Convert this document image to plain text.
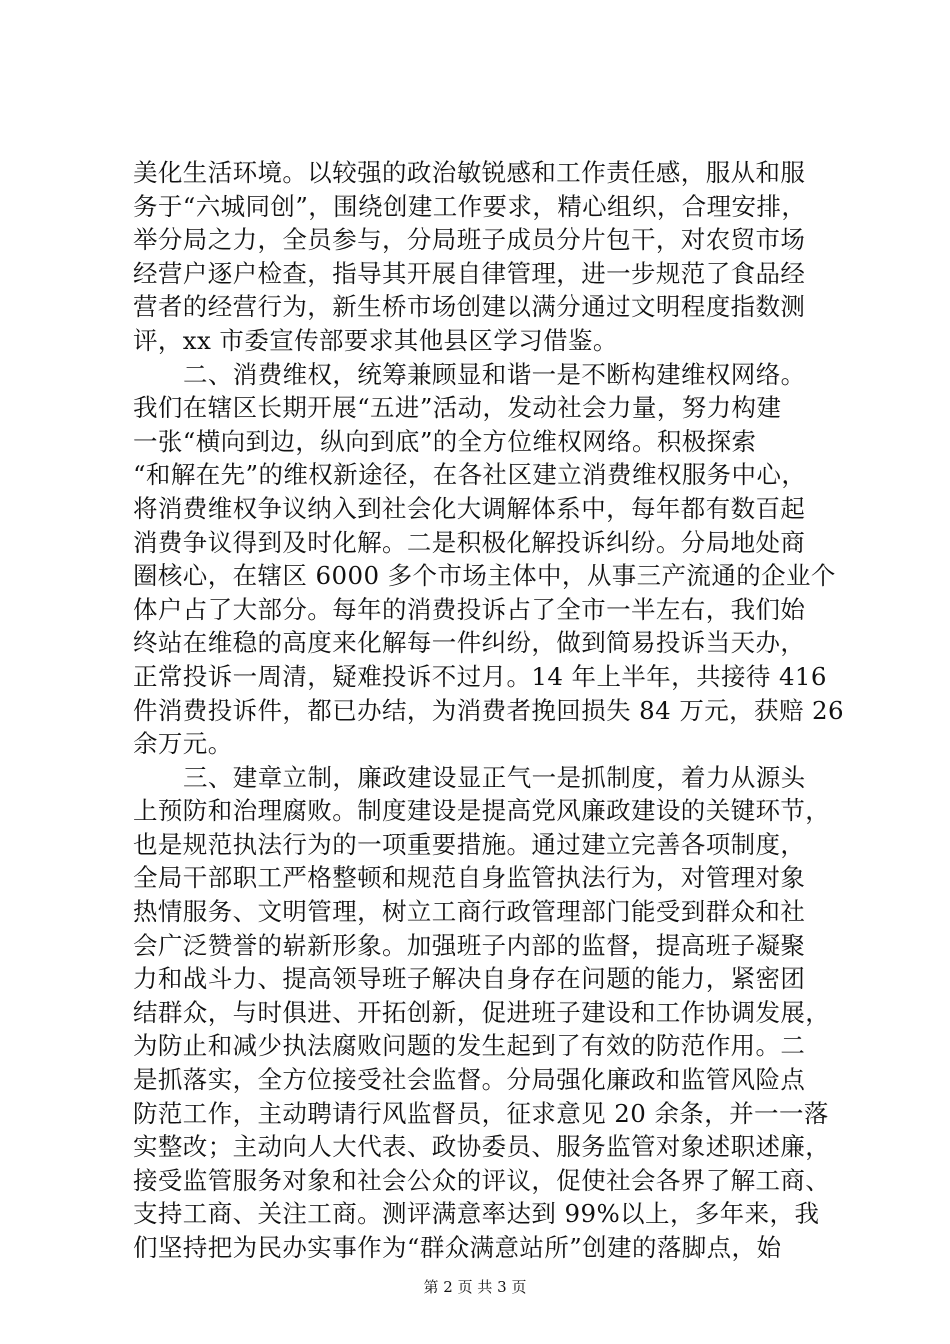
美化生活环境。以较强的政治敏锐感和工作责任感，服从和服
务于“六城同创”，围绕创建工作要求，精心组织，合理安排，
举分局之力，全员参与，分局班子成员分片包干，对农贸市场
经营户逐户检查，指导其开展自律管理，进一步规范了食品经
营者的经营行为，新生桥市场创建以满分通过文明程度指数测
评，xx 市委宣传部要求其他县区学习借鉴。
二、消费维权，统筹兼顾显和谐一是不断构建维权网络。
我们在辖区长期开展“五进”活动，发动社会力量，努力构建
一张“横向到边，纵向到底”的全方位维权网络。积极探索
“和解在先”的维权新途径，在各社区建立消费维权服务中心，
将消费维权争议纳入到社会化大调解体系中，每年都有数百起
消费争议得到及时化解。二是积极化解投诉纠纷。分局地处商
圈核心，在辖区 6000 多个市场主体中，从事三产流通的企业个
体户占了大部分。每年的消费投诉占了全市一半左右，我们始
终站在维稳的高度来化解每一件纠纷，做到简易投诉当天办，
正常投诉一周清，疑难投诉不过月。14 年上半年，共接待 416
件消费投诉件，都已办结，为消费者挽回损失 84 万元，获赔 26
余万元。
三、建章立制，廉政建设显正气一是抓制度，着力从源头
上预防和治理腐败。制度建设是提高党风廉政建设的关键环节，
也是规范执法行为的一项重要措施。通过建立完善各项制度，
全局干部职工严格整顿和规范自身监管执法行为，对管理对象
热情服务、文明管理，树立工商行政管理部门能受到群众和社
会广泛赞誉的崭新形象。加强班子内部的监督，提高班子凝聚
力和战斗力、提高领导班子解决自身存在问题的能力，紧密团
结群众，与时俱进、开拓创新，促进班子建设和工作协调发展，
为防止和减少执法腐败问题的发生起到了有效的防范作用。二
是抓落实，全方位接受社会监督。分局强化廉政和监管风险点
防范工作，主动聘请行风监督员，征求意见 20 余条，并一一落
实整改；主动向人大代表、政协委员、服务监管对象述职述廉，
接受监管服务对象和社会公众的评议，促使社会各界了解工商、
支持工商、关注工商。测评满意率达到 99%以上，多年来，我
们坚持把为民办实事作为“群众满意站所”创建的落脚点，始
第 2 页 共 3 页
